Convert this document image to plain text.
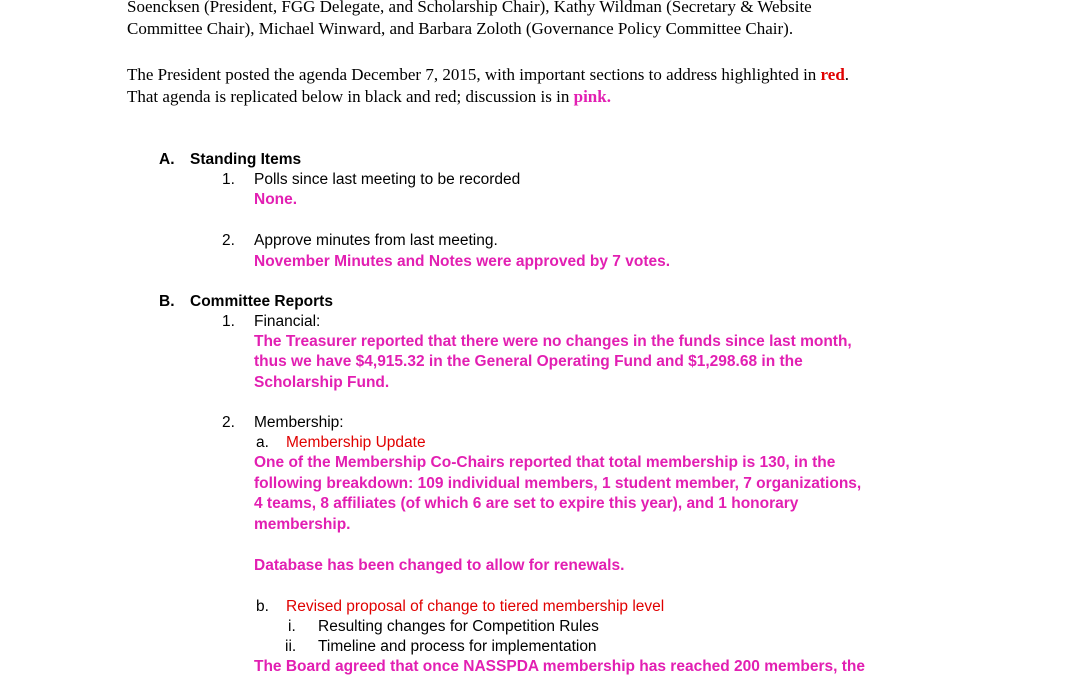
Soencksen (President, FGG Delegate, and Scholarship Chair), Kathy Wildman (Secretary & Website
Committee Chair), Michael Winward, and Barbara Zoloth (Governance Policy Committee Chair).
The President posted the agenda December 7, 2015, with important sections to address highlighted in red.
That agenda is replicated below in black and red; discussion is in pink.
A. Standing Items
1. Polls since last meeting to be recorded
None.
2. Approve minutes from last meeting.
November Minutes and Notes were approved by 7 votes.
B. Committee Reports
1. Financial:
The Treasurer reported that there were no changes in the funds since last month,
thus we have $4,915.32 in the General Operating Fund and $1,298.68 in the
Scholarship Fund.
2. Membership:
a. Membership Update
One of the Membership Co-Chairs reported that total membership is 130, in the
following breakdown: 109 individual members, 1 student member, 7 organizations,
4 teams, 8 affiliates (of which 6 are set to expire this year), and 1 honorary
membership.
Database has been changed to allow for renewals.
b. Revised proposal of change to tiered membership level
i. Resulting changes for Competition Rules
ii. Timeline and process for implementation
The Board agreed that once NASSPDA membership has reached 200 members, the
